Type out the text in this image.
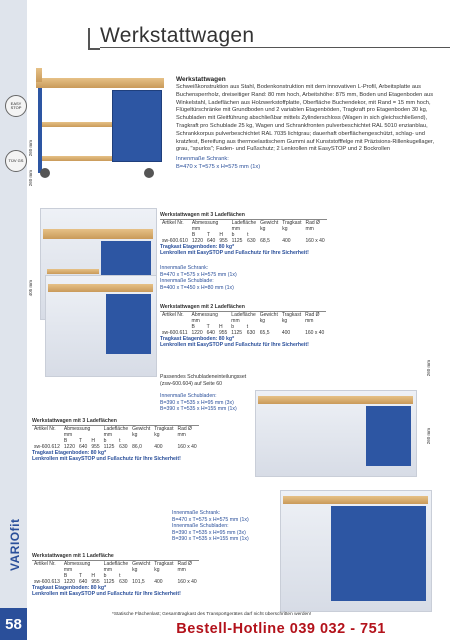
EASY STOP
TÜV GS
VARIOfit
58
Werkstattwagen
260 mm
260 mm
Werkstattwagen
Schweißkonstruktion aus Stahl, Bodenkonstruktion mit dem innovativen L-Profil, Arbeitsplatte aus Buchensperrholz, dreiseitiger Rand: 80 mm hoch, Arbeitshöhe: 875 mm, Boden und Etagenboden aus Winkelstahl, Ladeflächen aus Holzwerkstoffplatte, Oberfläche Buchendekor, mit Rand = 15 mm hoch, Flügeltürschränke mit Grundboden und 2 variablen Etagenböden, Tragkraft pro Etagenboden 30 kg, Schubladen mit Gleitführung abschließbar mittels Zylinderschloss (Wagen in sich gleichschließend), Tragkraft pro Schublade 25 kg, Wagen und Schrankfronten pulverbeschichtet RAL 5010 enzianblau, Schrankkorpus pulverbeschichtet RAL 7035 lichtgrau; dauerhaft oberflächengeschützt, schlag- und kratzfest, Bereifung aus thermoelastischem Gummi auf Kunststofffelge mit Präzisions-Rillenkugellager, grau, "spurlos"; Faden- und Fußschutz; 2 Lenkrollen mit EasySTOP und 2 Bockrollen
Innenmaße Schrank:
B=470 x T=575 x H=575 mm (1x)
Werkstattwagen mit 3 Ladeflächen
Artikel Nr.	Abmessung			Ladefläche		Gewicht	Tragkast	Rad Ø
	mm			mm		kg	kg	mm
	B	T	H	b	t			
sw-600.610	1220	640	955	1125	630	68,5	400	160 x 40
Tragkast Etagenboden: 80 kg*
Lenkrollen mit EasySTOP und Fußschutz für Ihre Sicherheit!
Innenmaße Schrank:
B=470 x T=575 x H=575 mm (1x)
Innenmaße Schublade:
B=400 x T=450 x H=80 mm (1x)
405 mm
Werkstattwagen mit 2 Ladeflächen
Artikel Nr.	Abmessung			Ladefläche		Gewicht	Tragkast	Rad Ø
	mm			mm		kg	kg	mm
	B	T	H	b	t			
sw-600.611	1220	640	955	1125	630	65,5	400	160 x 40
Tragkast Etagenboden: 80 kg*
Lenkrollen mit EasySTOP und Fußschutz für Ihre Sicherheit!
Passendes Schubladeneinteilungsset
(zsw-600.604) auf Seite 60
Innenmaße Schubladen:
B=390 x T=535 x H=95 mm (3x)
B=390 x T=535 x H=155 mm (1x)
260 mm
260 mm
Werkstattwagen mit 3 Ladeflächen
Artikel Nr.	Abmessung			Ladefläche		Gewicht	Tragkast	Rad Ø
	mm			mm		kg	kg	mm
	B	T	H	b	t			
sw-600.612	1220	640	955	1125	630	86,0	400	160 x 40
Tragkast Etagenboden: 80 kg*
Lenkrollen mit EasySTOP und Fußschutz für Ihre Sicherheit!
Innenmaße Schrank:
B=470 x T=575 x H=575 mm (1x)
Innenmaße Schubladen:
B=390 x T=535 x H=95 mm (3x)
B=390 x T=535 x H=155 mm (1x)
Werkstattwagen mit 1 Ladefläche
Artikel Nr.	Abmessung			Ladefläche		Gewicht	Tragkast	Rad Ø
	mm			mm		kg	kg	mm
	B	T	H	b	t			
sw-600.613	1220	640	955	1125	630	101,5	400	160 x 40
Tragkast Etagenboden: 80 kg*
Lenkrollen mit EasySTOP und Fußschutz für Ihre Sicherheit!
*Statische Flächenlast; Gesamttragkast des Transportgerätes darf nicht überschritten werden!
Bestell-Hotline 039 032 - 751
